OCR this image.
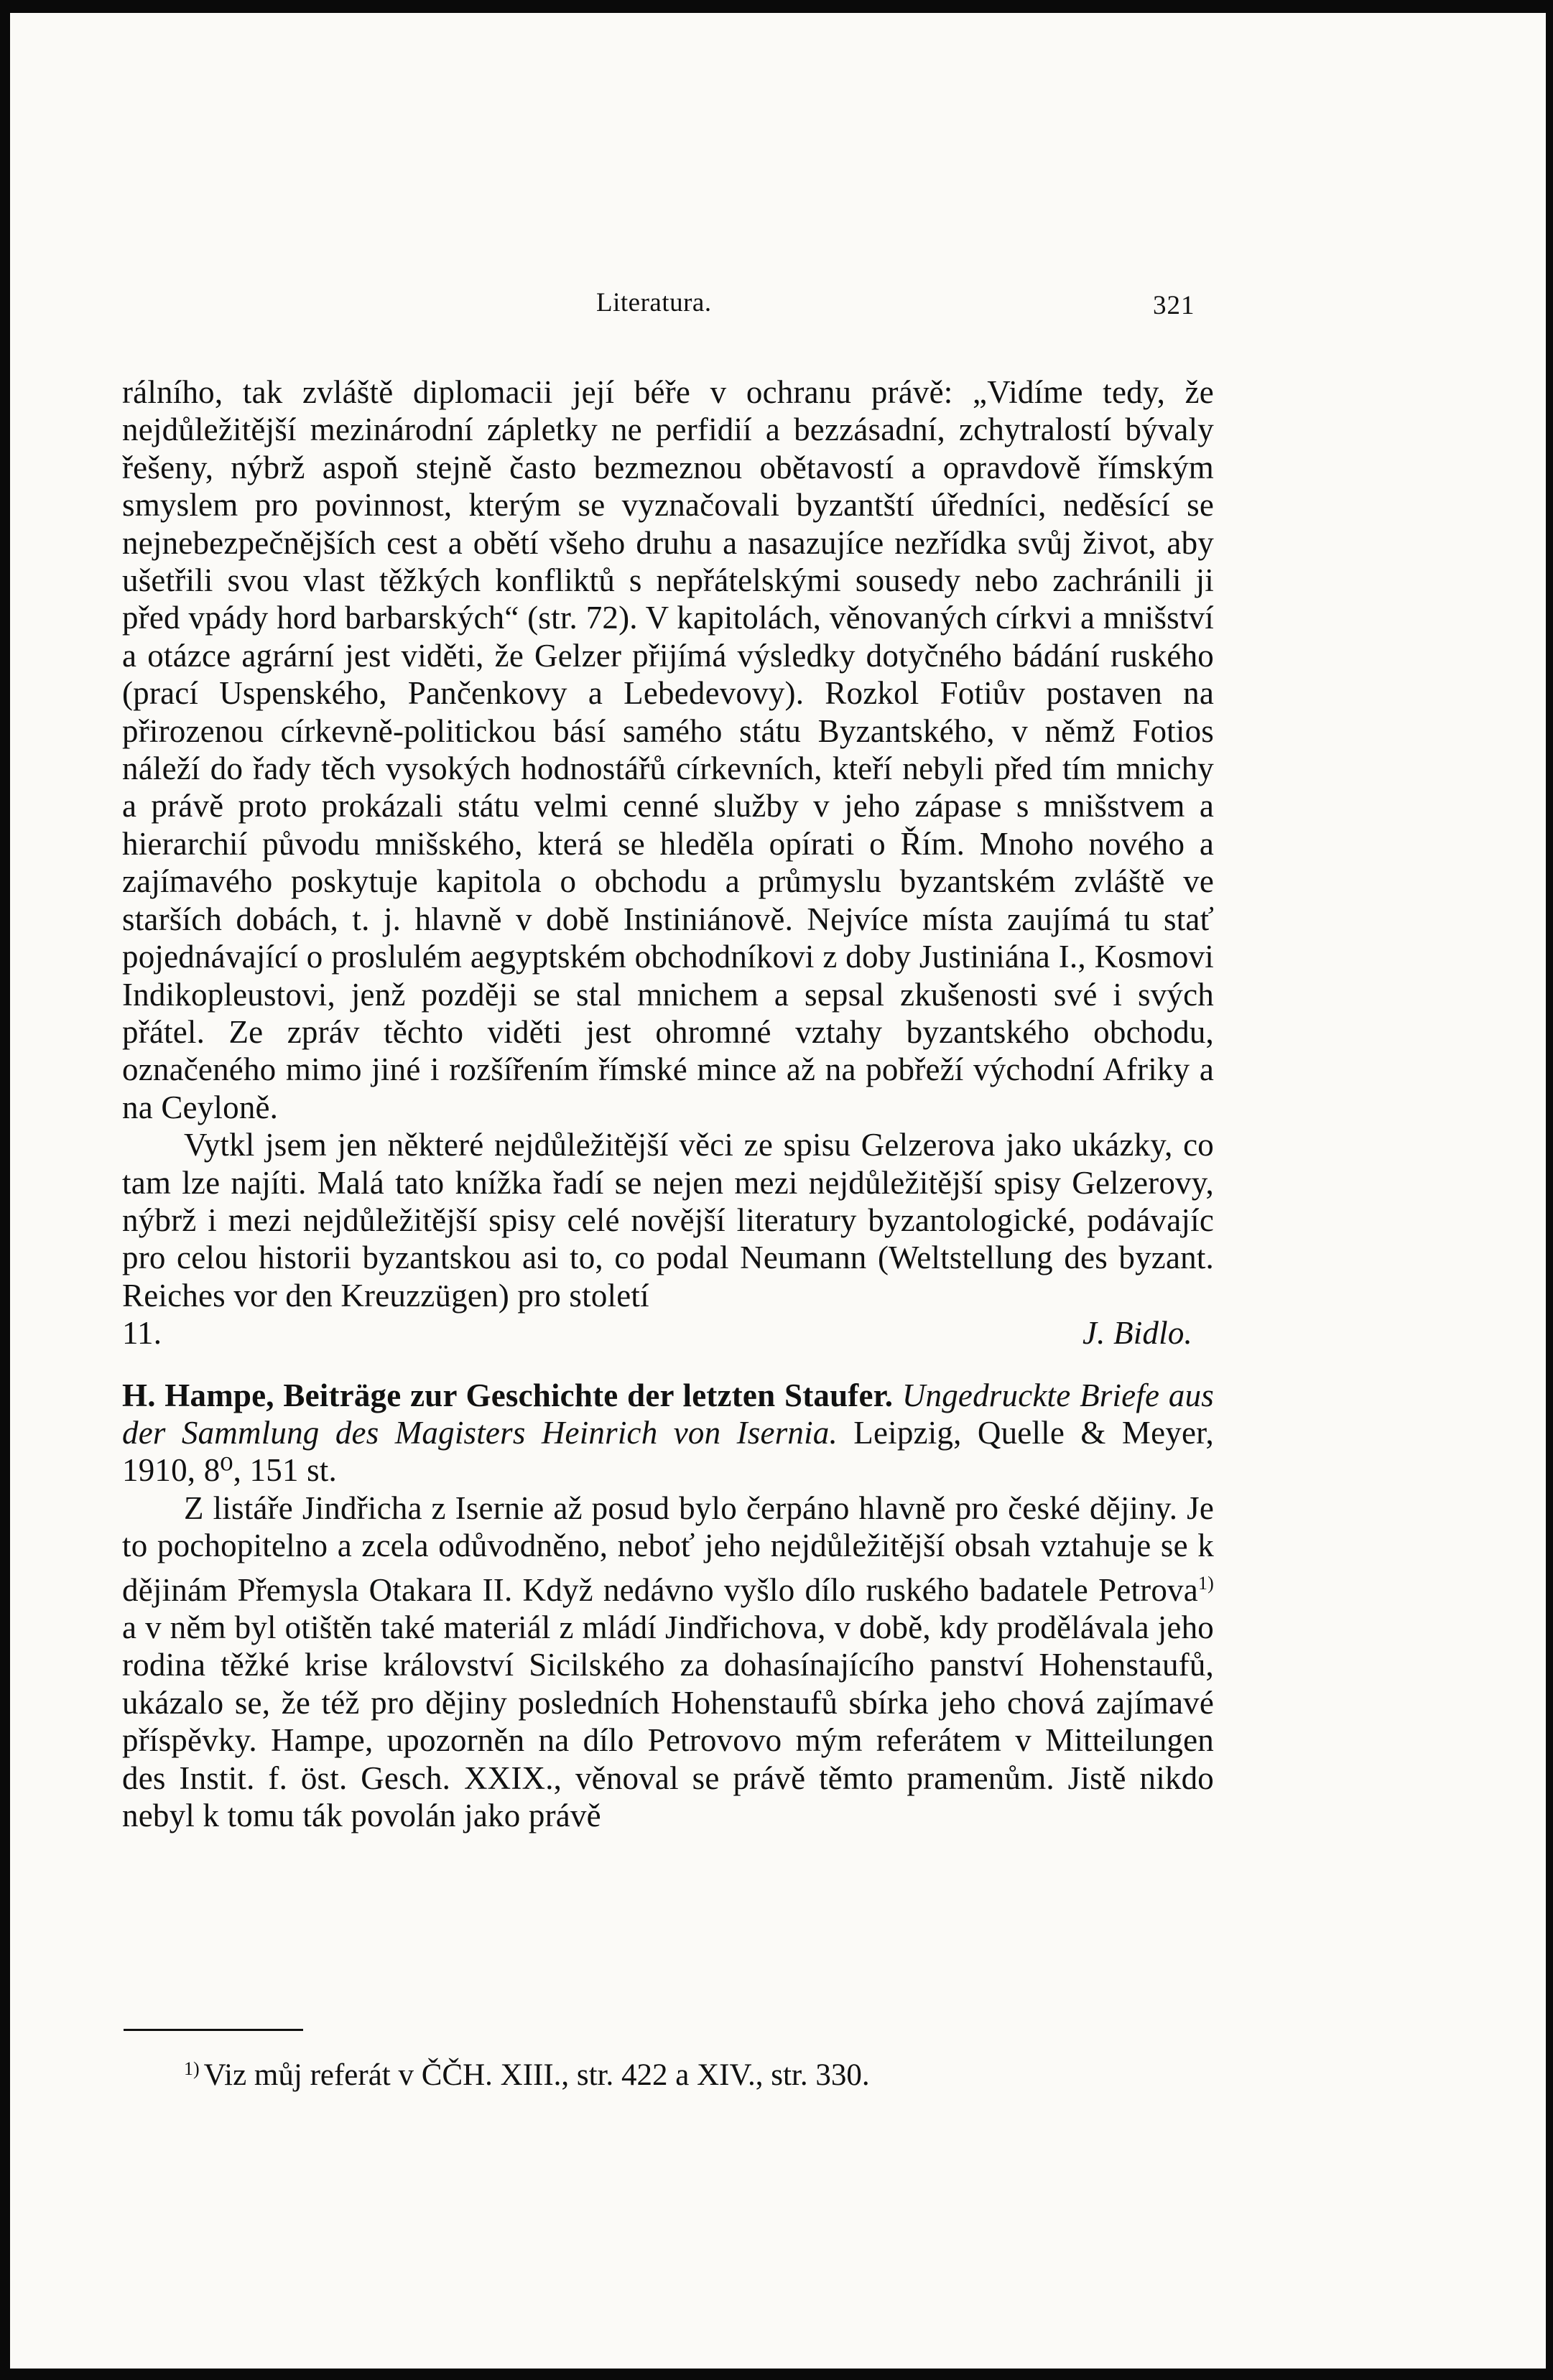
Literatura.	321

rálního, tak zvláště diplomacii její béře v ochranu právě: „Vidíme tedy, že nejdůležitější mezinárodní zápletky ne perfidií a bezzásadní, zchytralostí bývaly řešeny, nýbrž aspoň stejně často bezmeznou obětavostí a opravdově římským smyslem pro povinnost, kterým se vyznačovali byzantští úředníci, neděsící se nejnebezpečnějších cest a obětí všeho druhu a nasazujíce nezřídka svůj život, aby ušetřili svou vlast těžkých konfliktů s nepřátelskými sousedy nebo zachránili ji před vpády hord barbarských“ (str. 72). V kapitolách, věnovaných církvi a mnišství a otázce agrární jest viděti, že Gelzer přijímá výsledky dotyčného bádání ruského (prací Uspenského, Pančenkovy a Lebedevovy). Rozkol Fotiův postaven na přirozenou církevně-politickou básí samého státu Byzantského, v němž Fotios náleží do řady těch vysokých hodnostářů církevních, kteří nebyli před tím mnichy a právě proto prokázali státu velmi cenné služby v jeho zápase s mnišstvem a hierarchií původu mnišského, která se hleděla opírati o Řím. Mnoho nového a zajímavého poskytuje kapitola o obchodu a průmyslu byzantském zvláště ve starších dobách, t. j. hlavně v době Instiniánově. Nejvíce místa zaujímá tu stať pojednávající o proslulém aegyptském obchodníkovi z doby Justiniána I., Kosmovi Indikopleustovi, jenž později se stal mnichem a sepsal zkušenosti své i svých přátel. Ze zpráv těchto viděti jest ohromné vztahy byzantského obchodu, označeného mimo jiné i rozšířením římské mince až na pobřeží východní Afriky a na Ceyloně.

Vytkl jsem jen některé nejdůležitější věci ze spisu Gelzerova jako ukázky, co tam lze najíti. Malá tato knížka řadí se nejen mezi nejdůležitější spisy Gelzerovy, nýbrž i mezi nejdůležitější spisy celé novější literatury byzantologické, podávajíc pro celou historii byzantskou asi to, co podal Neumann (Weltstellung des byzant. Reiches vor den Kreuzzügen) pro století

11.	J. Bidlo.

H. Hampe, Beiträge zur Geschichte der letzten Staufer. Ungedruckte Briefe aus der Sammlung des Magisters Heinrich von Isernia. Leipzig, Quelle & Meyer, 1910, 8⁰, 151 st.

Z listáře Jindřicha z Isernie až posud bylo čerpáno hlavně pro české dějiny. Je to pochopitelno a zcela odůvodněno, neboť jeho nejdůležitější obsah vztahuje se k dějinám Přemysla Otakara II. Když nedávno vyšlo dílo ruského badatele Petrova$^{1)}$ a v něm byl otištěn také materiál z mládí Jindřichova, v době, kdy prodělávala jeho rodina těžké krise království Sicilského za dohasínajícího panství Hohenstaufů, ukázalo se, že též pro dějiny posledních Hohenstaufů sbírka jeho chová zajímavé příspěvky. Hampe, upozorněn na dílo Petrovovo mým referátem v Mitteilungen des Instit. f. öst. Gesch. XXIX., věnoval se právě těmto pramenům. Jistě nikdo nebyl k tomu ták povolán jako právě

$^{1)}$ Viz můj referát v ČČH. XIII., str. 422 a XIV., str. 330.
